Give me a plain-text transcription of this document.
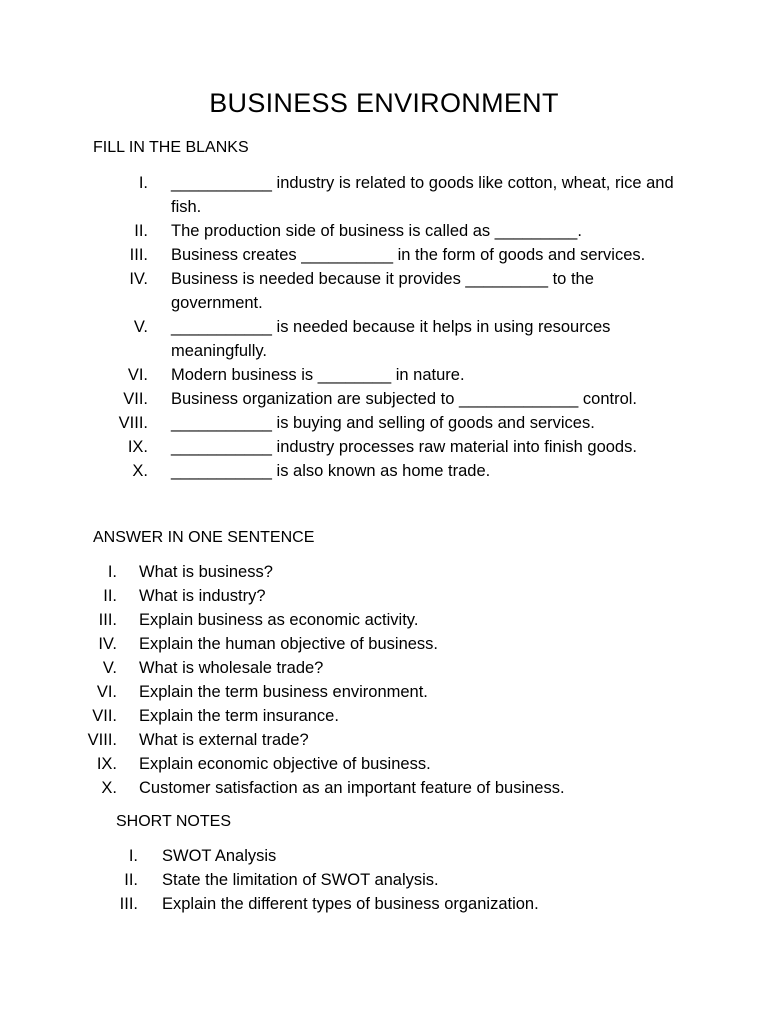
BUSINESS ENVIRONMENT
FILL IN THE BLANKS
I.	___________ industry is related to goods like cotton, wheat, rice and fish.
II.	The production side of business is called as _________.
III.	Business creates __________ in the form of goods and services.
IV.	Business is needed because it provides _________ to the government.
V.	___________ is needed because it helps in using resources meaningfully.
VI.	Modern business is ________ in nature.
VII.	Business organization are subjected to _____________ control.
VIII.	___________ is buying and selling of goods and services.
IX.	___________ industry processes raw material into finish goods.
X.	___________ is also known as home trade.
ANSWER IN ONE SENTENCE
I.	What is business?
II.	What is industry?
III.	Explain business as economic activity.
IV.	Explain the human objective of business.
V.	What is wholesale trade?
VI.	Explain the term business environment.
VII.	Explain the term insurance.
VIII.	What is external trade?
IX.	Explain economic objective of business.
X.	Customer satisfaction as an important feature of business.
SHORT NOTES
I.	SWOT Analysis
II.	State the limitation of SWOT analysis.
III.	Explain the different types of business organization.
